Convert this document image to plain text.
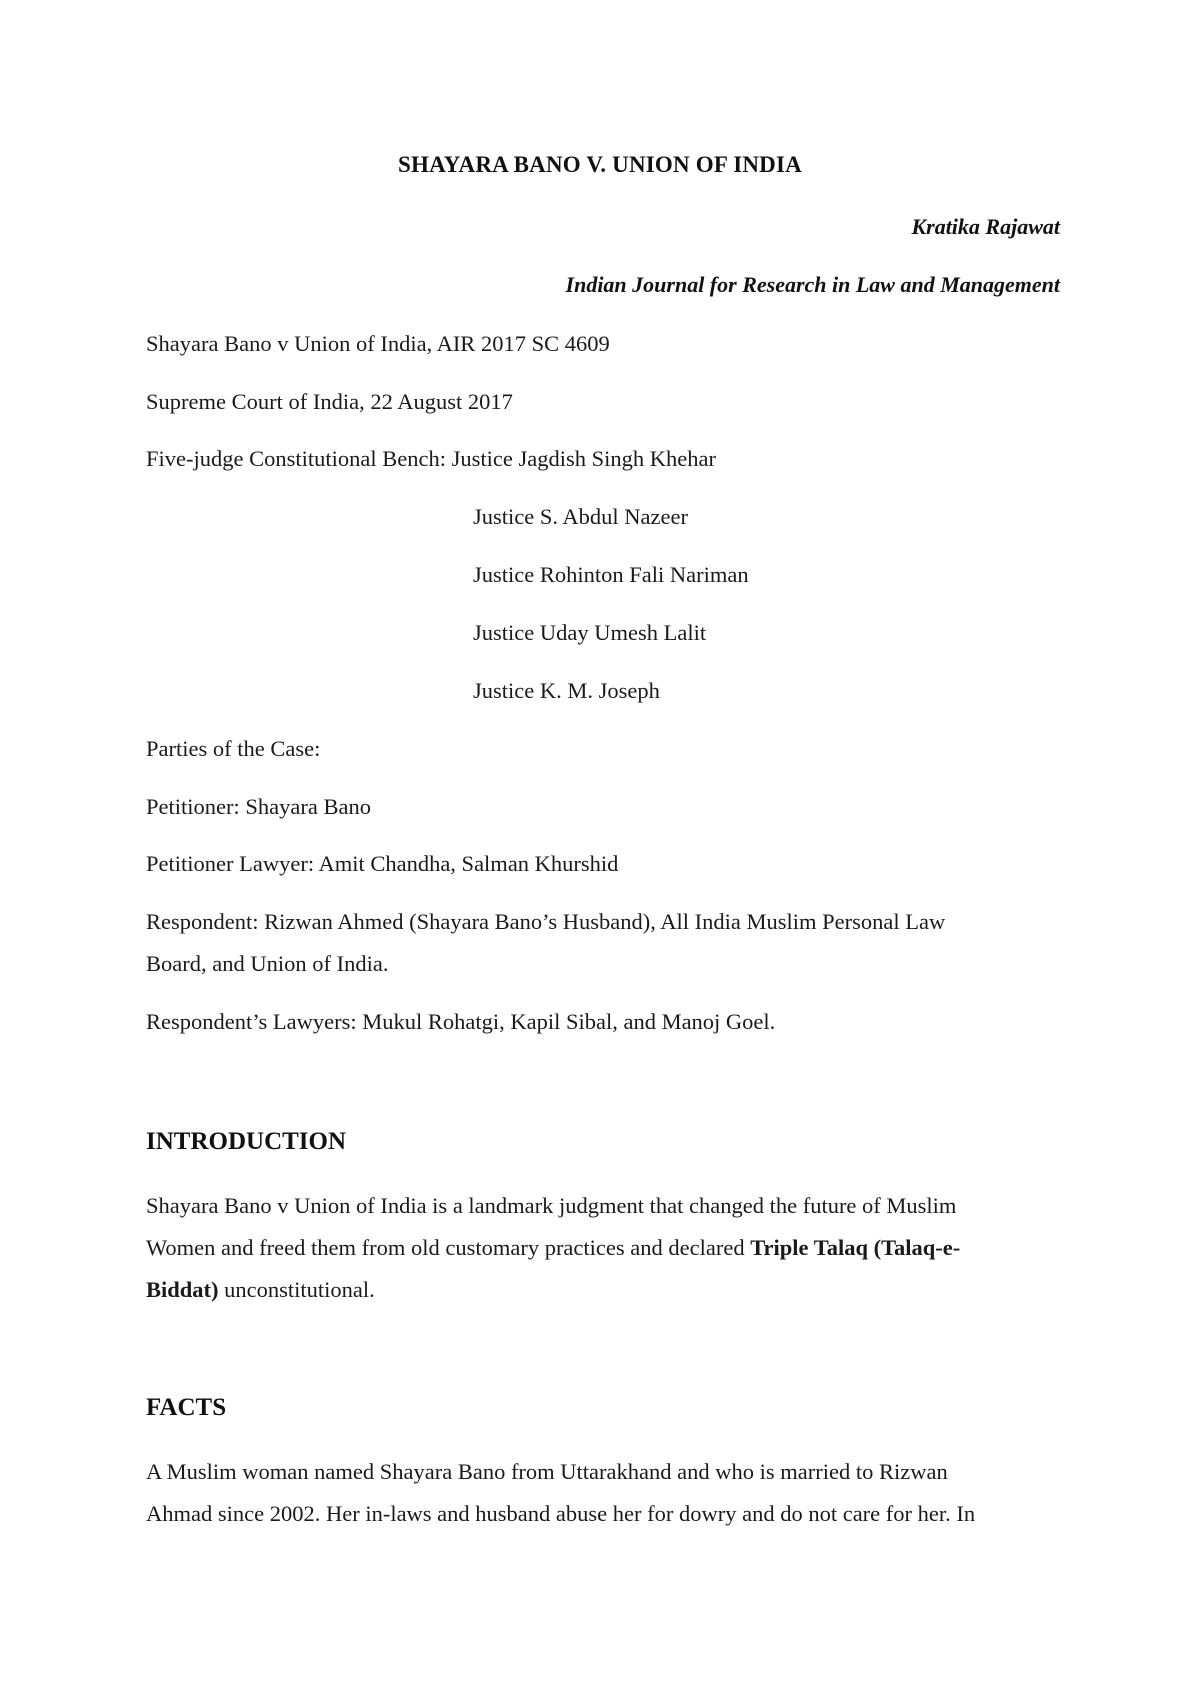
SHAYARA BANO V. UNION OF INDIA
Kratika Rajawat
Indian Journal for Research in Law and Management
Shayara Bano v Union of India, AIR 2017 SC 4609
Supreme Court of India, 22 August 2017
Five-judge Constitutional Bench: Justice Jagdish Singh Khehar
Justice S. Abdul Nazeer
Justice Rohinton Fali Nariman
Justice Uday Umesh Lalit
Justice K. M. Joseph
Parties of the Case:
Petitioner: Shayara Bano
Petitioner Lawyer: Amit Chandha, Salman Khurshid
Respondent: Rizwan Ahmed (Shayara Bano’s Husband), All India Muslim Personal Law
Board, and Union of India.
Respondent’s Lawyers: Mukul Rohatgi, Kapil Sibal, and Manoj Goel.
INTRODUCTION
Shayara Bano v Union of India is a landmark judgment that changed the future of Muslim
Women and freed them from old customary practices and declared Triple Talaq (Talaq-e-
Biddat) unconstitutional.
FACTS
A Muslim woman named Shayara Bano from Uttarakhand and who is married to Rizwan
Ahmad since 2002. Her in-laws and husband abuse her for dowry and do not care for her. In
